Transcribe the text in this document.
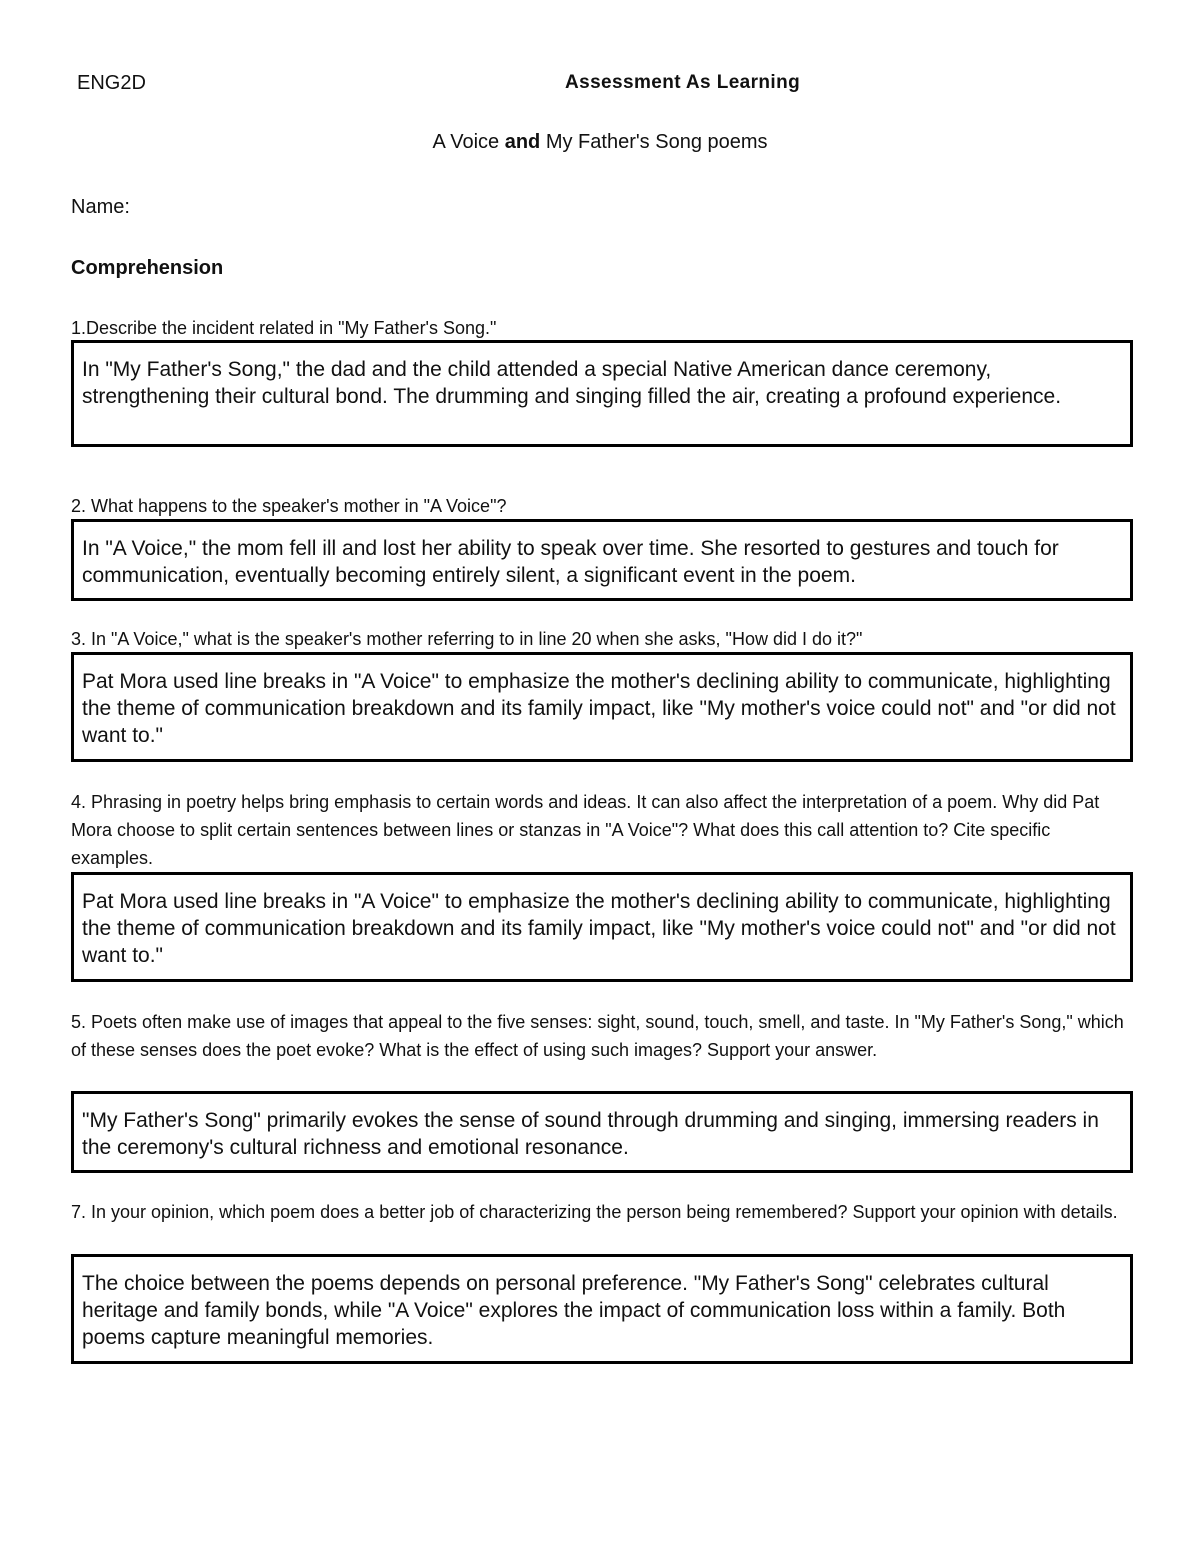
ENG2D	Assessment As Learning
A Voice and My Father's Song poems
Name:
Comprehension
1.Describe the incident related in "My Father's Song."
In "My Father's Song," the dad and the child attended a special Native American dance ceremony, strengthening their cultural bond. The drumming and singing filled the air, creating a profound experience.
2. What happens to the speaker's mother in "A Voice"?
In "A Voice," the mom fell ill and lost her ability to speak over time. She resorted to gestures and touch for communication, eventually becoming entirely silent, a significant event in the poem.
3. In "A Voice," what is the speaker's mother referring to in line 20 when she asks, "How did I do it?"
Pat Mora used line breaks in "A Voice" to emphasize the mother's declining ability to communicate, highlighting the theme of communication breakdown and its family impact, like "My mother's voice could not" and "or did not want to."
4. Phrasing in poetry helps bring emphasis to certain words and ideas. It can also affect the interpretation of a poem. Why did Pat Mora choose to split certain sentences between lines or stanzas in "A Voice"? What does this call attention to? Cite specific examples.
Pat Mora used line breaks in "A Voice" to emphasize the mother's declining ability to communicate, highlighting the theme of communication breakdown and its family impact, like "My mother's voice could not" and "or did not want to."
5. Poets often make use of images that appeal to the five senses: sight, sound, touch, smell, and taste. In "My Father's Song," which of these senses does the poet evoke? What is the effect of using such images? Support your answer.
"My Father's Song" primarily evokes the sense of sound through drumming and singing, immersing readers in the ceremony's cultural richness and emotional resonance.
7. In your opinion, which poem does a better job of characterizing the person being remembered? Support your opinion with details.
The choice between the poems depends on personal preference. "My Father's Song" celebrates cultural heritage and family bonds, while "A Voice" explores the impact of communication loss within a family. Both poems capture meaningful memories.
